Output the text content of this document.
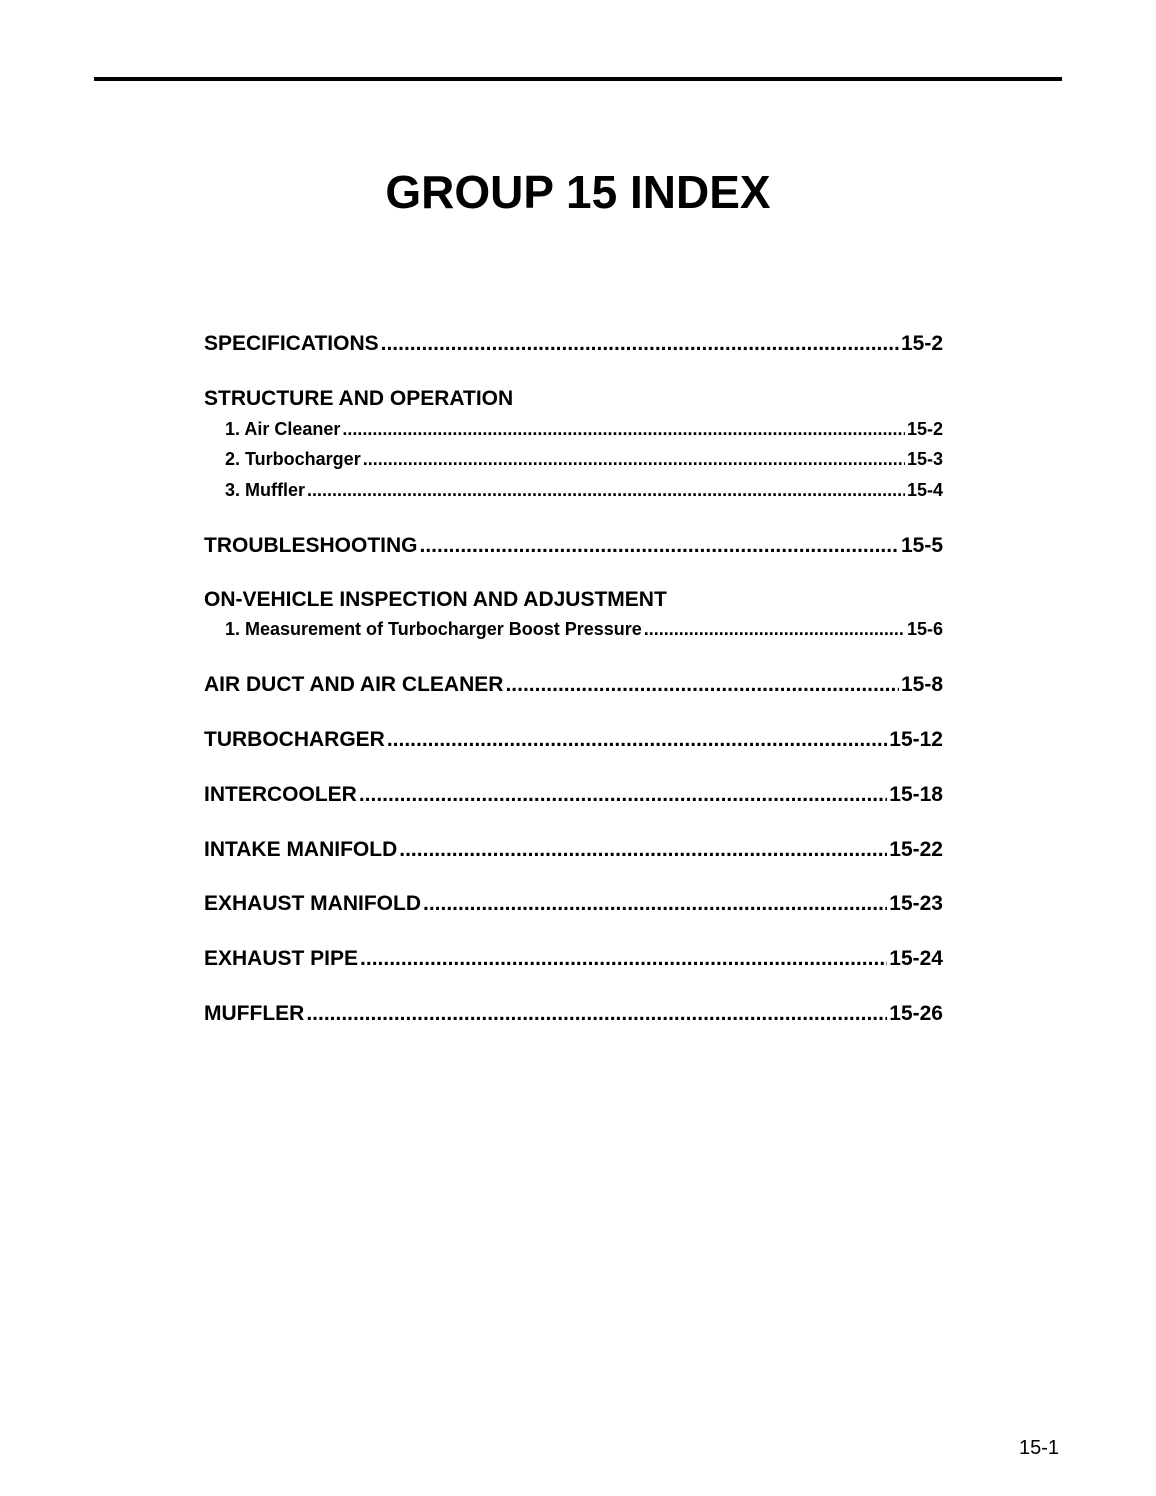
GROUP 15 INDEX
SPECIFICATIONS .....	15-2
STRUCTURE AND OPERATION
1. Air Cleaner .....	15-2
2. Turbocharger .....	15-3
3. Muffler .....	15-4
TROUBLESHOOTING .....	15-5
ON-VEHICLE INSPECTION AND ADJUSTMENT
1. Measurement of Turbocharger Boost Pressure .....	15-6
AIR DUCT AND AIR CLEANER .....	15-8
TURBOCHARGER .....	15-12
INTERCOOLER .....	15-18
INTAKE MANIFOLD .....	15-22
EXHAUST MANIFOLD .....	15-23
EXHAUST PIPE .....	15-24
MUFFLER .....	15-26
15-1
